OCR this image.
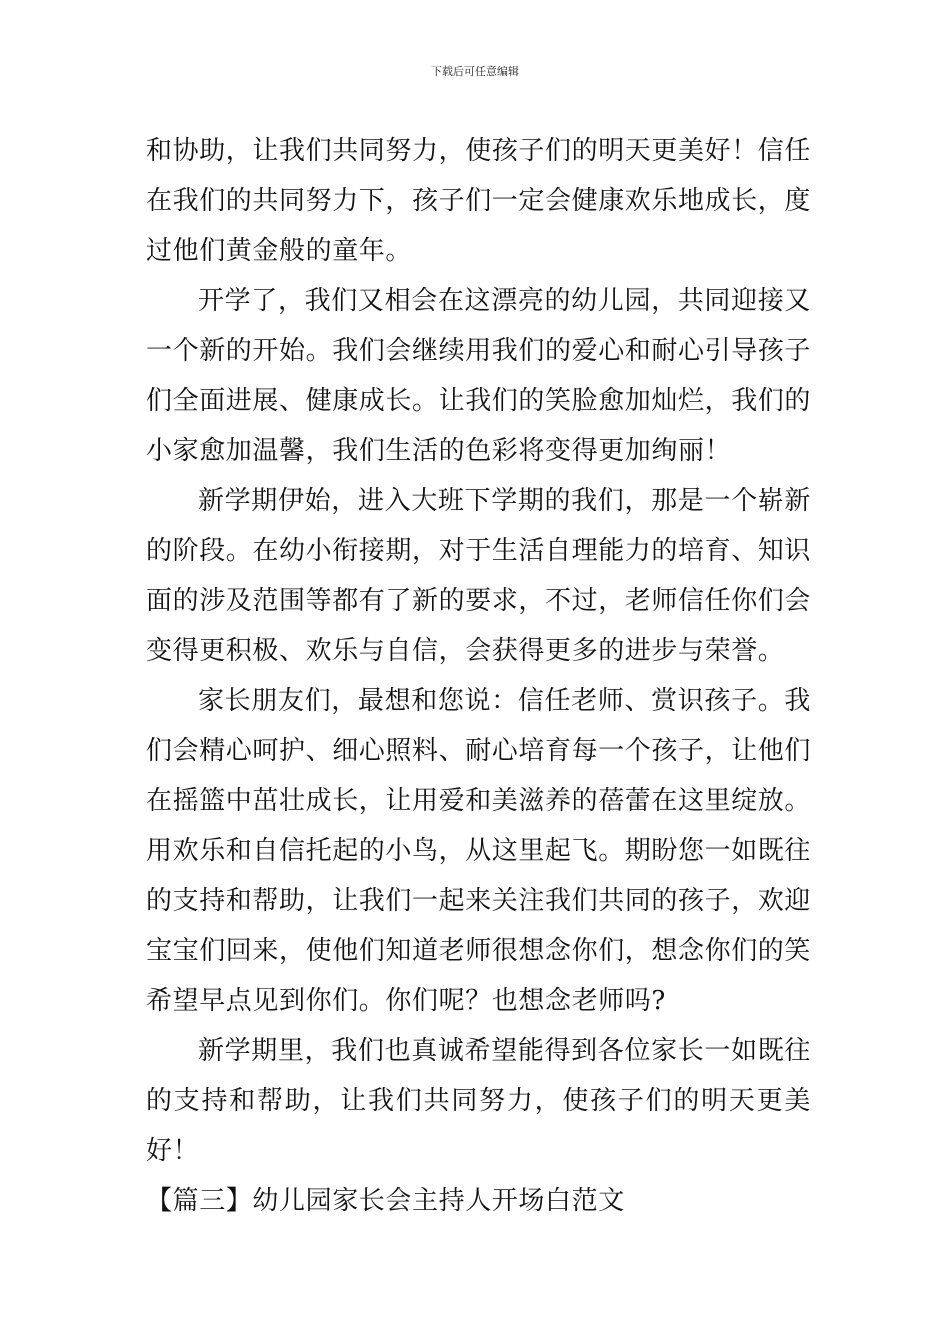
下载后可任意编辑

和协助，让我们共同努力，使孩子们的明天更美好！信任在我们的共同努力下，孩子们一定会健康欢乐地成长，度过他们黄金般的童年。

开学了，我们又相会在这漂亮的幼儿园，共同迎接又一个新的开始。我们会继续用我们的爱心和耐心引导孩子们全面进展、健康成长。让我们的笑脸愈加灿烂，我们的小家愈加温馨，我们生活的色彩将变得更加绚丽！

新学期伊始，进入大班下学期的我们，那是一个崭新的阶段。在幼小衔接期，对于生活自理能力的培育、知识面的涉及范围等都有了新的要求，不过，老师信任你们会变得更积极、欢乐与自信，会获得更多的进步与荣誉。

家长朋友们，最想和您说：信任老师、赏识孩子。我们会精心呵护、细心照料、耐心培育每一个孩子，让他们在摇篮中茁壮成长，让用爱和美滋养的蓓蕾在这里绽放。用欢乐和自信托起的小鸟，从这里起飞。期盼您一如既往的支持和帮助，让我们一起来关注我们共同的孩子，欢迎宝宝们回来，使他们知道老师很想念你们，想念你们的笑希望早点见到你们。你们呢？也想念老师吗?

新学期里，我们也真诚希望能得到各位家长一如既往的支持和帮助，让我们共同努力，使孩子们的明天更美好！

【篇三】幼儿园家长会主持人开场白范文
